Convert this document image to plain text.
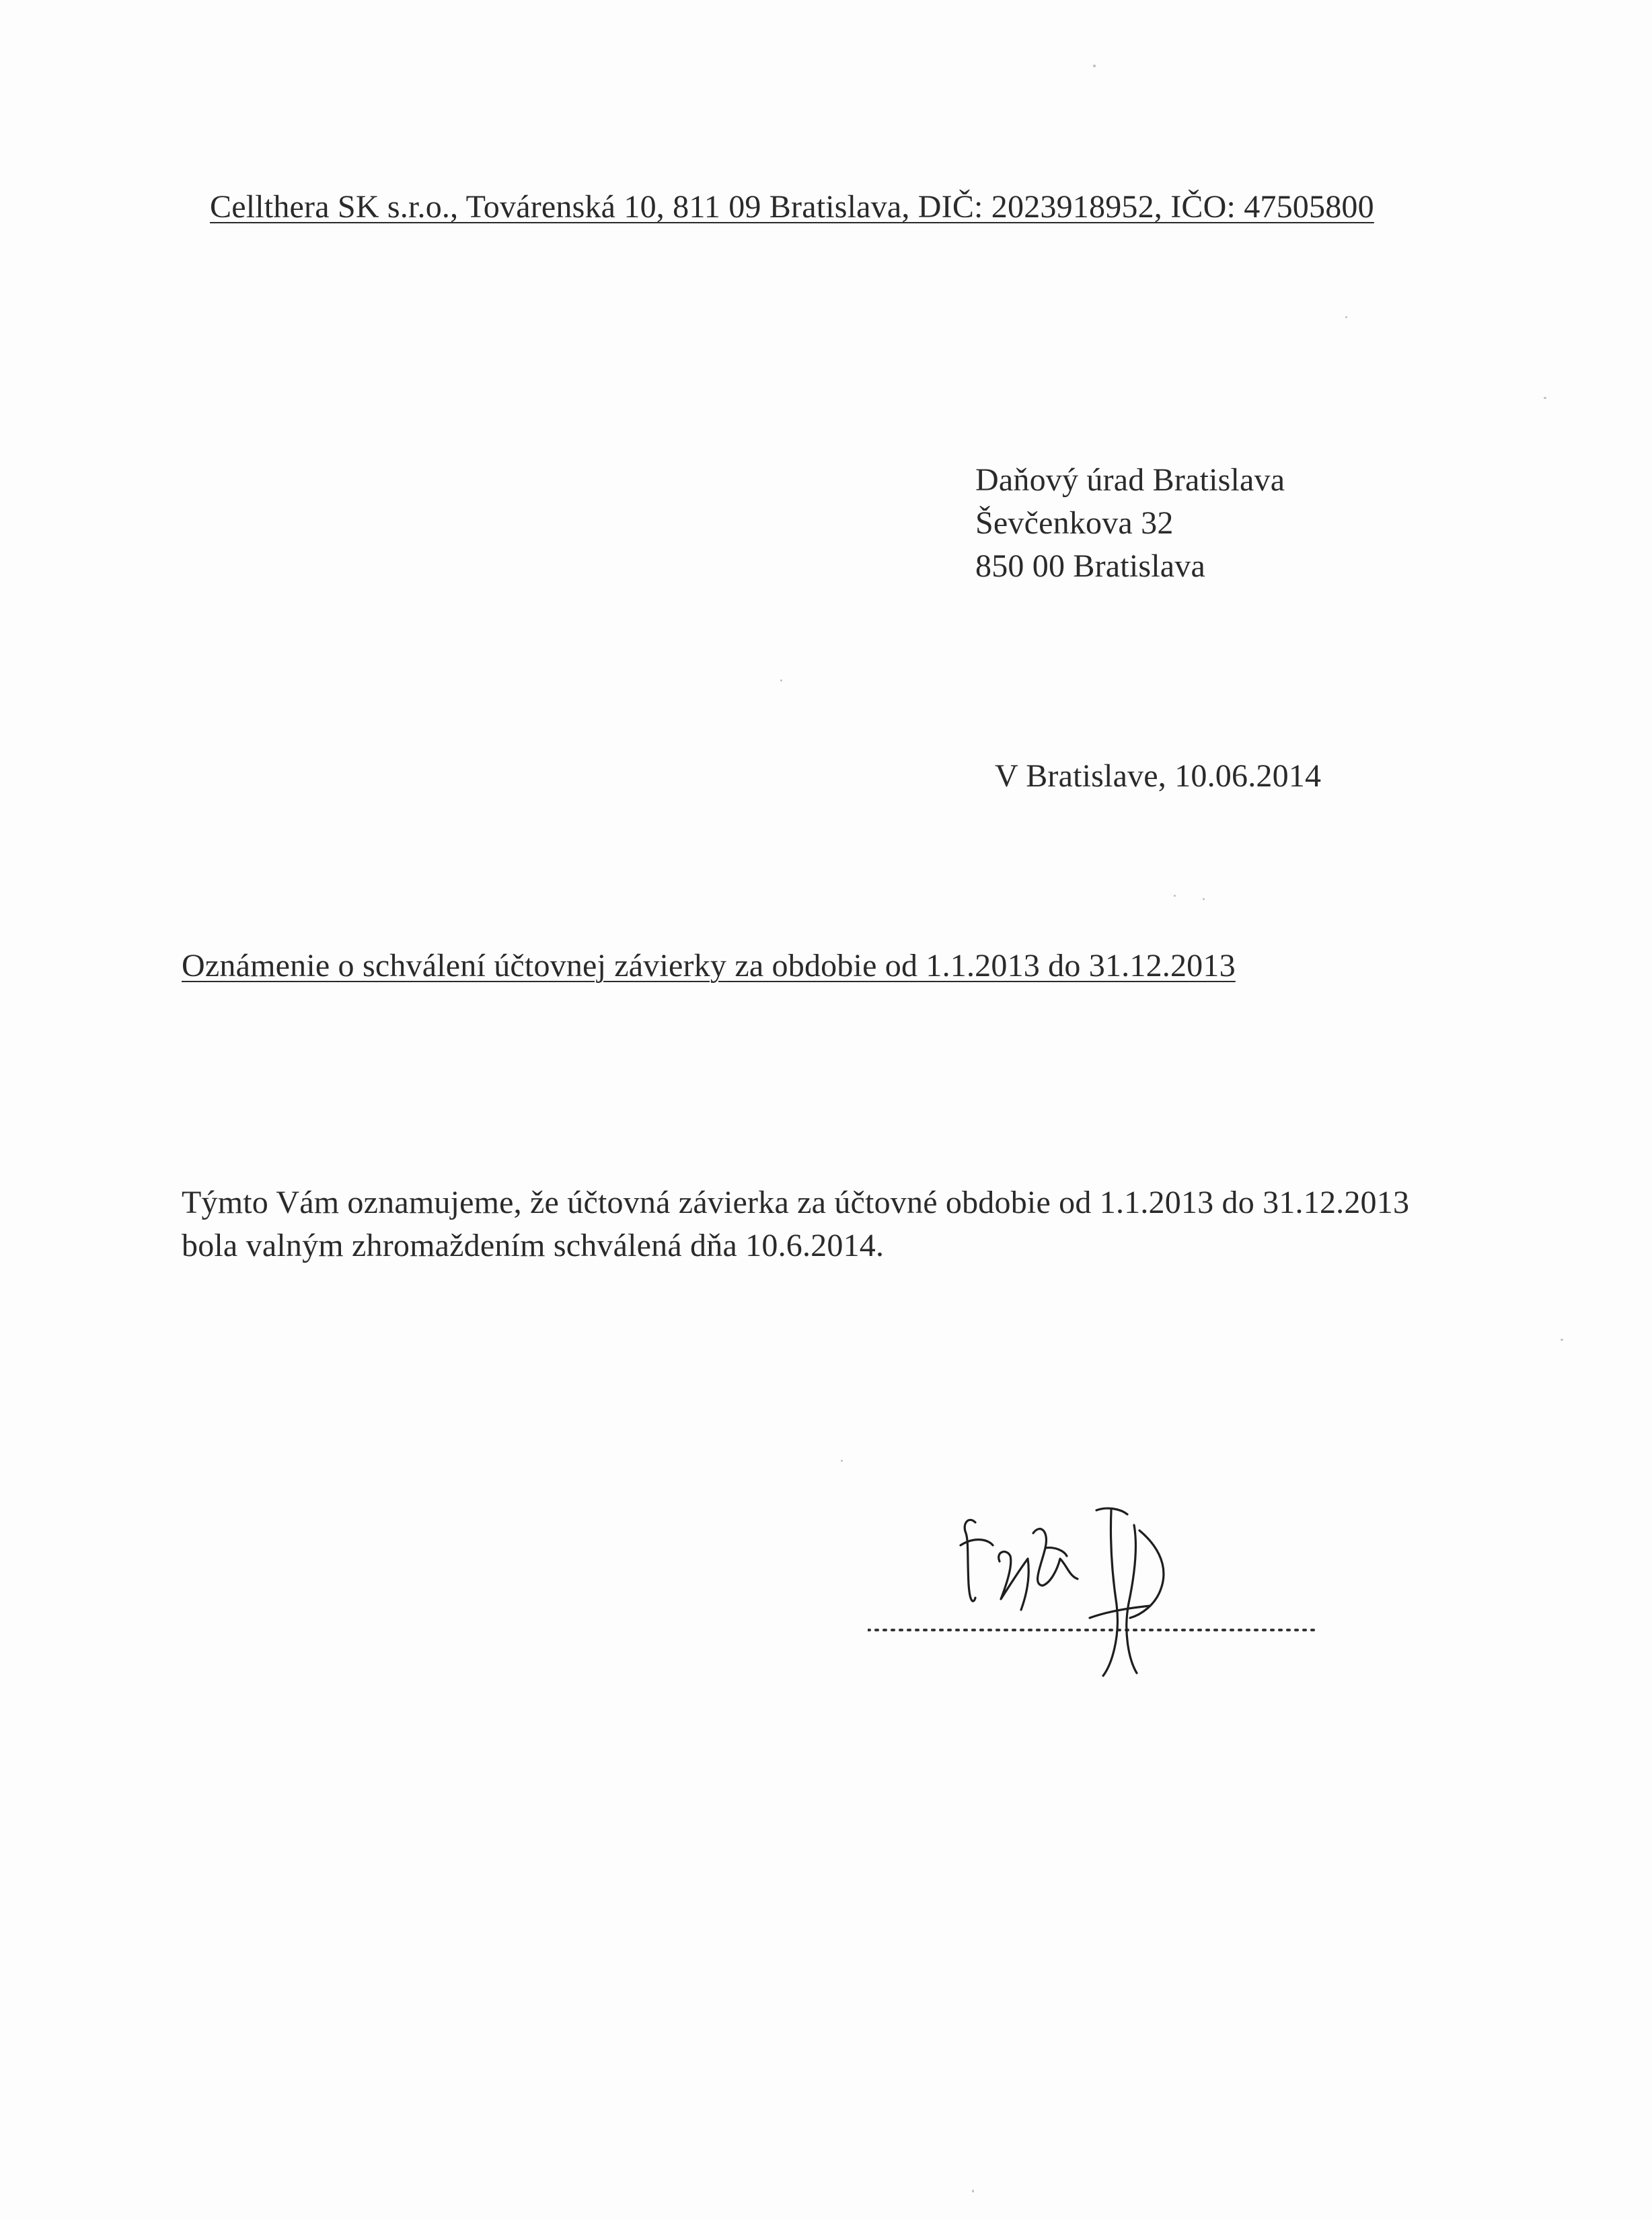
Cellthera SK s.r.o., Továrenská 10, 811 09 Bratislava, DIČ: 2023918952, IČO: 47505800
Daňový úrad Bratislava
Ševčenkova 32
850 00 Bratislava
V Bratislave, 10.06.2014
Oznámenie o schválení účtovnej závierky za obdobie od 1.1.2013 do 31.12.2013
Týmto Vám oznamujeme, že účtovná závierka za účtovné obdobie od 1.1.2013 do 31.12.2013
bola valným zhromaždením schválená dňa 10.6.2014.
